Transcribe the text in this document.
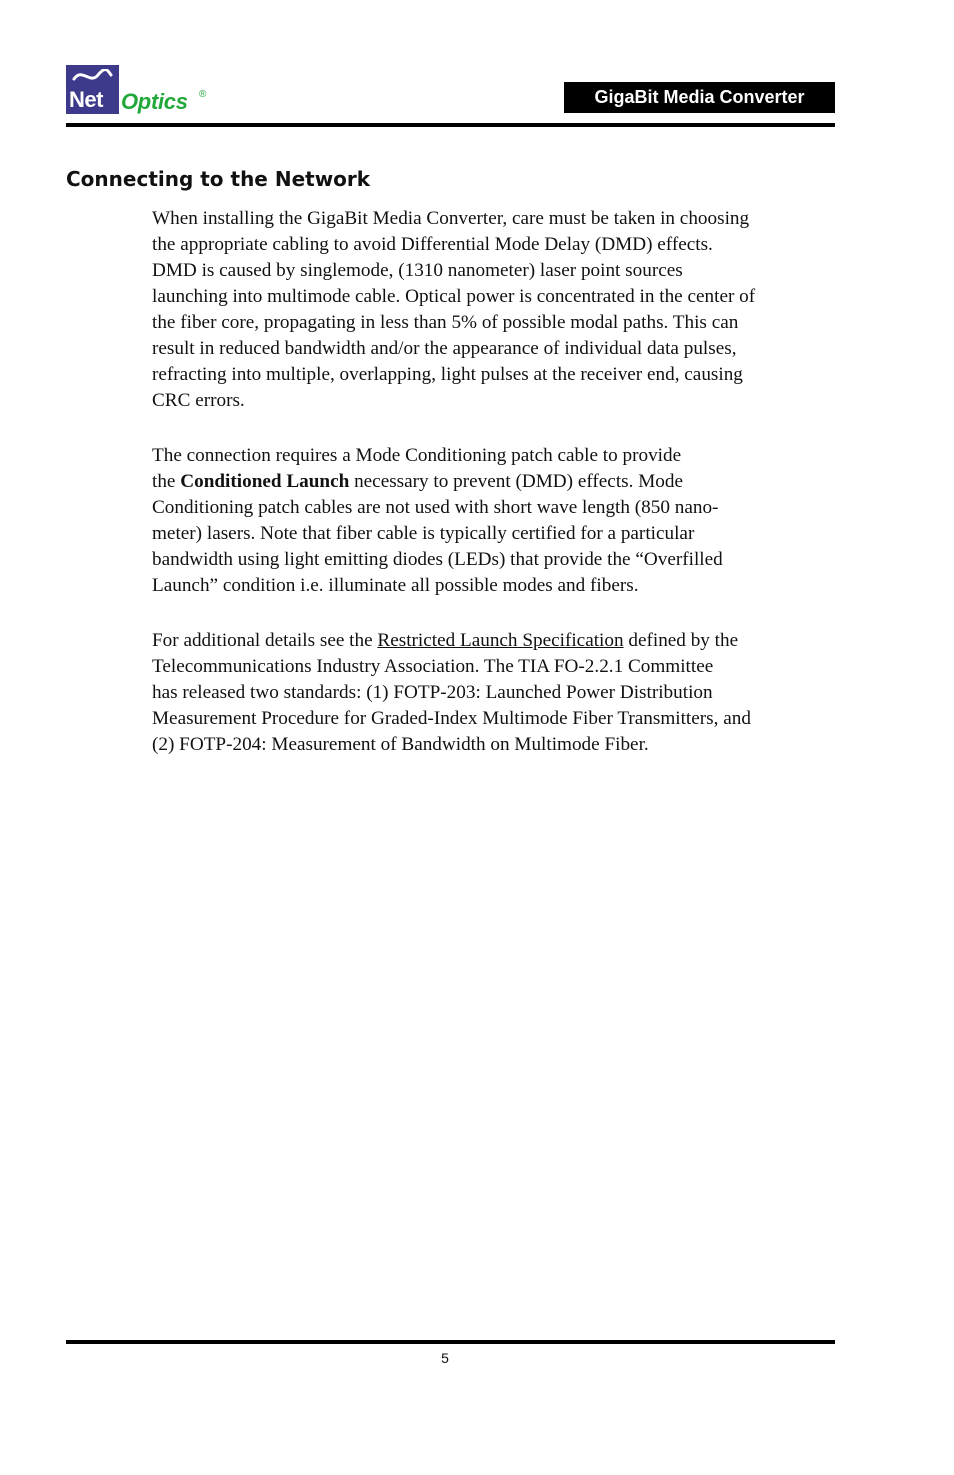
Net Optics ®	GigaBit Media Converter
Connecting to the Network

When installing the GigaBit Media Converter, care must be taken in choosing
the appropriate cabling to avoid Differential Mode Delay (DMD) effects.
DMD is caused by singlemode, (1310 nanometer) laser point sources
launching into multimode cable. Optical power is concentrated in the center of
the fiber core, propagating in less than 5% of possible modal paths. This can
result in reduced bandwidth and/or the appearance of individual data pulses,
refracting into multiple, overlapping, light pulses at the receiver end, causing
CRC errors.

The connection requires a Mode Conditioning patch cable to provide
the Conditioned Launch necessary to prevent (DMD) effects. Mode
Conditioning patch cables are not used with short wave length (850 nano-
meter) lasers. Note that fiber cable is typically certified for a particular
bandwidth using light emitting diodes (LEDs) that provide the “Overfilled
Launch” condition i.e. illuminate all possible modes and fibers.

For additional details see the Restricted Launch Specification defined by the
Telecommunications Industry Association. The TIA FO-2.2.1 Committee
has released two standards: (1) FOTP-203: Launched Power Distribution
Measurement Procedure for Graded-Index Multimode Fiber Transmitters, and
(2) FOTP-204: Measurement of Bandwidth on Multimode Fiber.

5
